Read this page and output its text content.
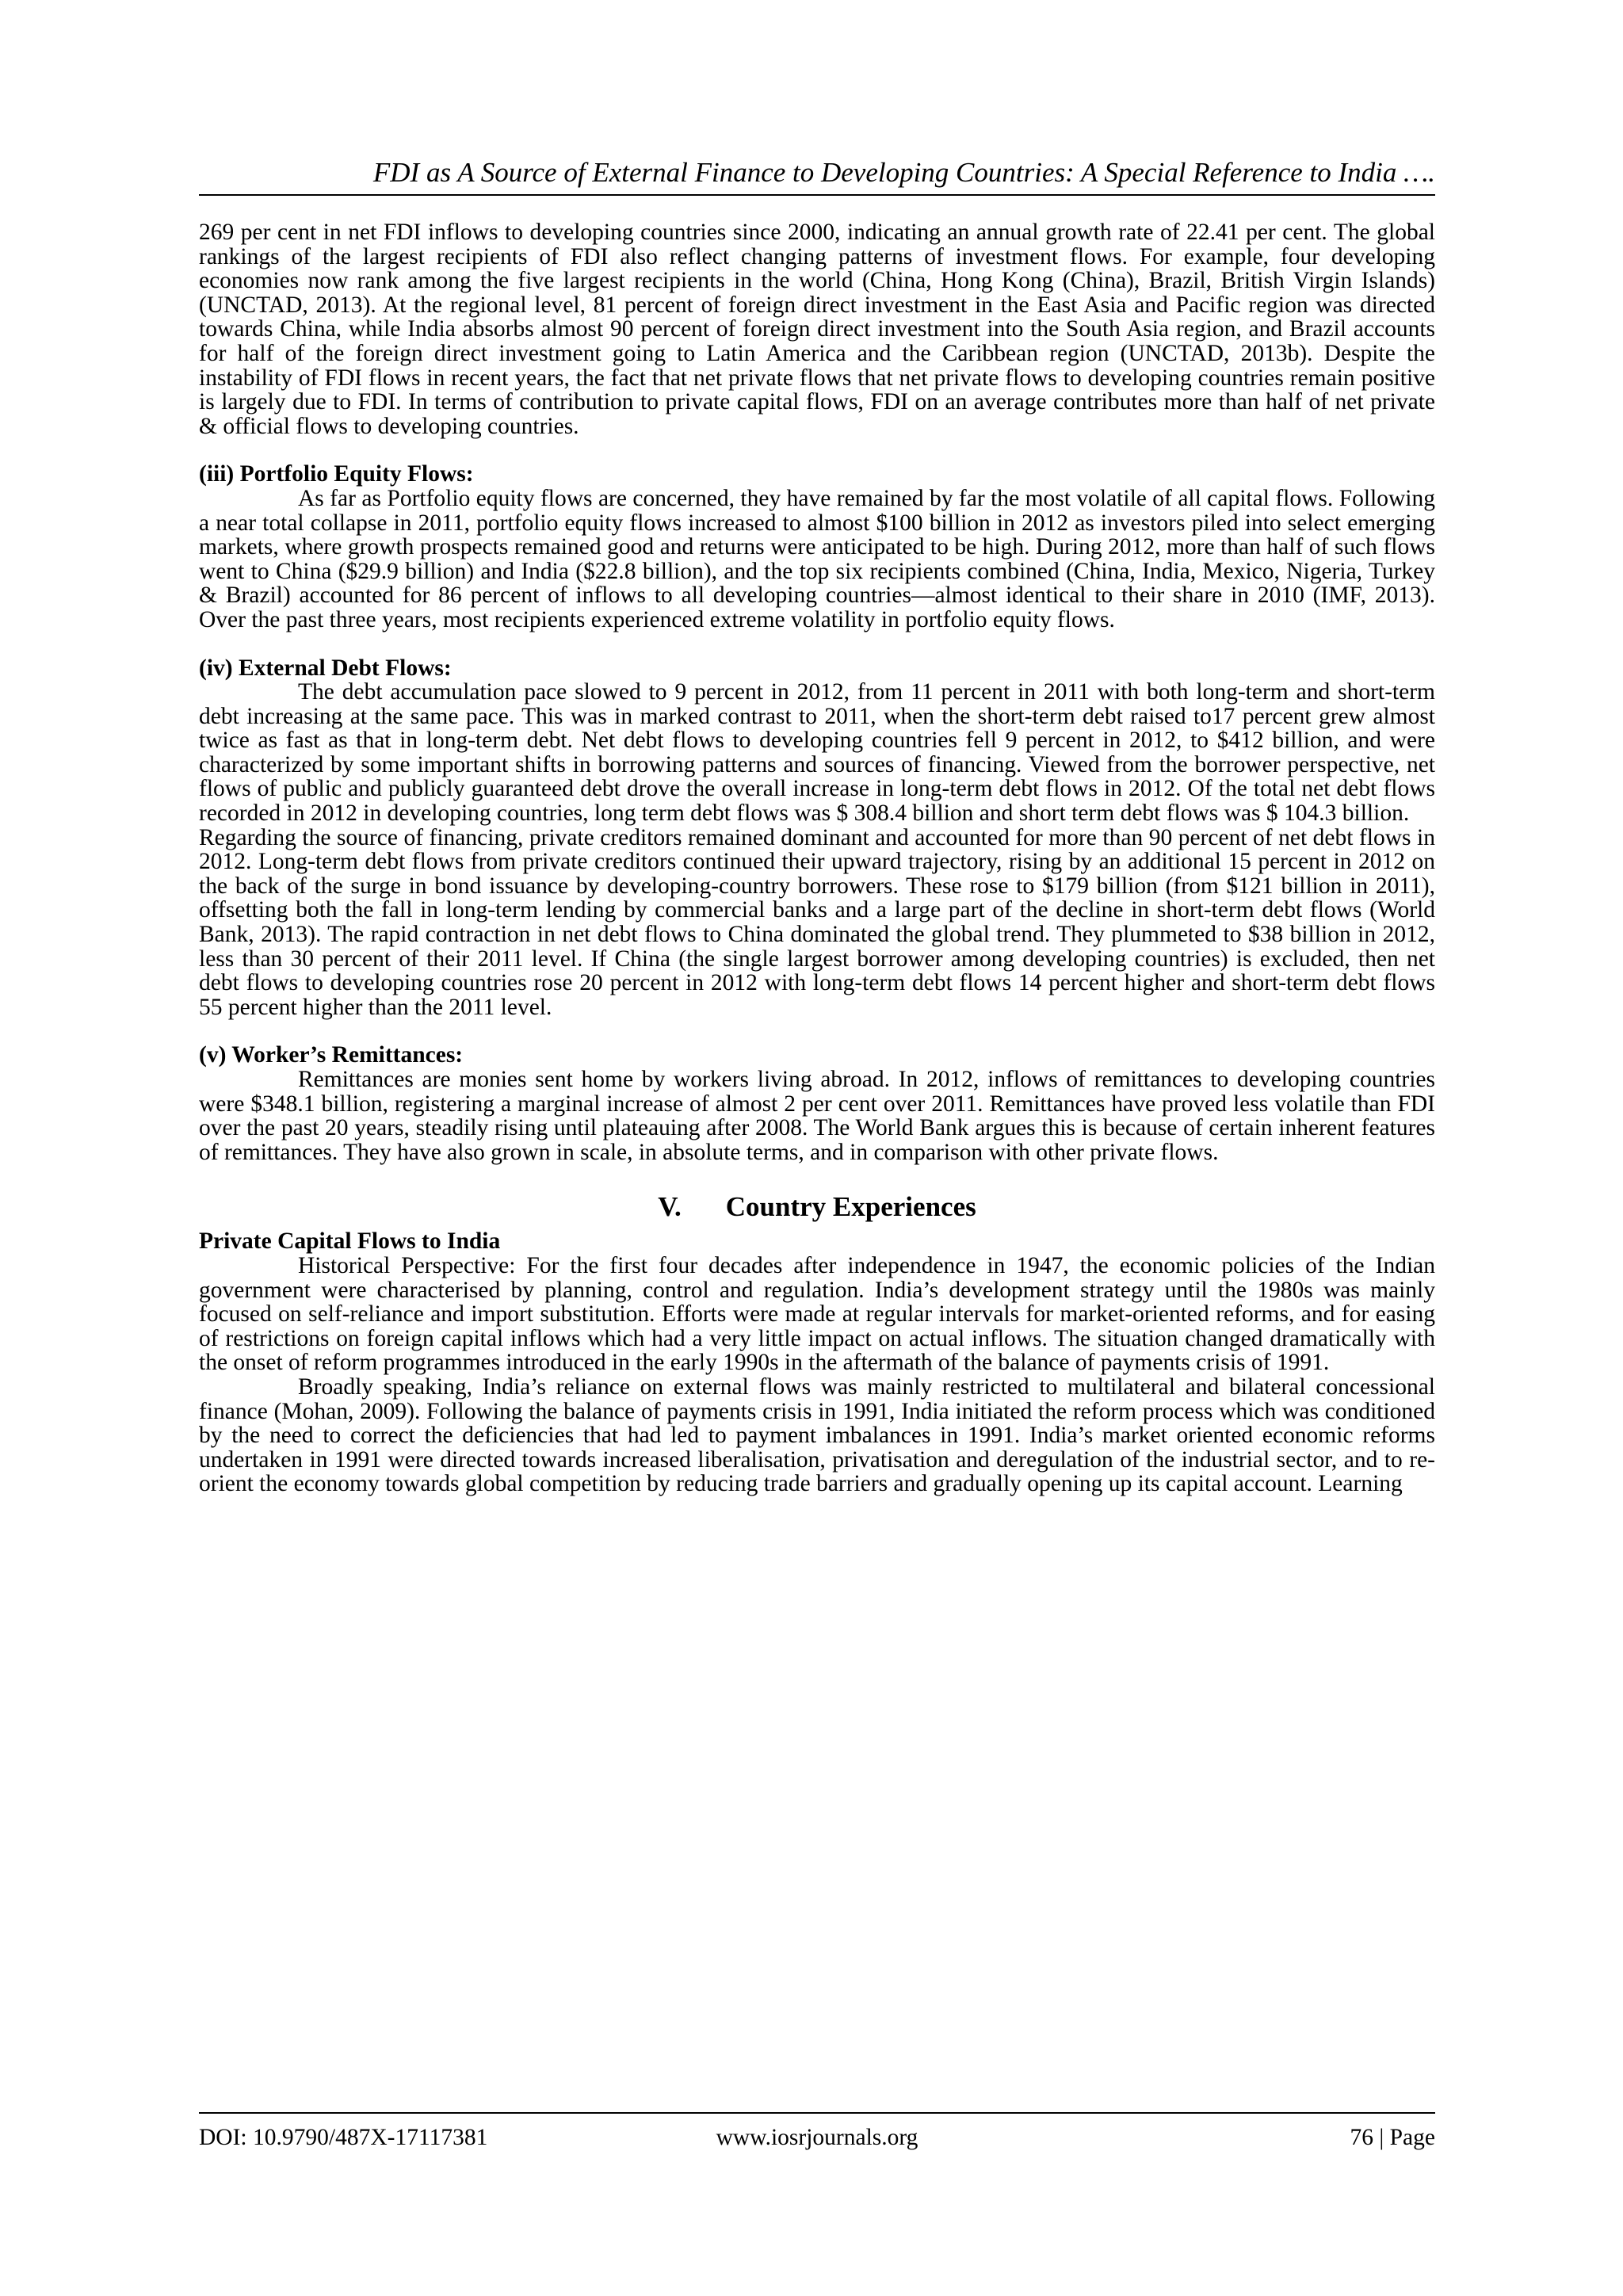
FDI as A Source of External Finance to Developing Countries: A Special Reference to India ….

269 per cent in net FDI inflows to developing countries since 2000, indicating an annual growth rate of 22.41 per cent. The global rankings of the largest recipients of FDI also reflect changing patterns of investment flows. For example, four developing economies now rank among the five largest recipients in the world (China, Hong Kong (China), Brazil, British Virgin Islands) (UNCTAD, 2013). At the regional level, 81 percent of foreign direct investment in the East Asia and Pacific region was directed towards China, while India absorbs almost 90 percent of foreign direct investment into the South Asia region, and Brazil accounts for half of the foreign direct investment going to Latin America and the Caribbean region (UNCTAD, 2013b). Despite the instability of FDI flows in recent years, the fact that net private flows that net private flows to developing countries remain positive is largely due to FDI. In terms of contribution to private capital flows, FDI on an average contributes more than half of net private & official flows to developing countries.

(iii) Portfolio Equity Flows:

As far as Portfolio equity flows are concerned, they have remained by far the most volatile of all capital flows. Following a near total collapse in 2011, portfolio equity flows increased to almost $100 billion in 2012 as investors piled into select emerging markets, where growth prospects remained good and returns were anticipated to be high. During 2012, more than half of such flows went to China ($29.9 billion) and India ($22.8 billion), and the top six recipients combined (China, India, Mexico, Nigeria, Turkey & Brazil) accounted for 86 percent of inflows to all developing countries—almost identical to their share in 2010 (IMF, 2013). Over the past three years, most recipients experienced extreme volatility in portfolio equity flows.

(iv) External Debt Flows:

The debt accumulation pace slowed to 9 percent in 2012, from 11 percent in 2011 with both long-term and short-term debt increasing at the same pace. This was in marked contrast to 2011, when the short-term debt raised to17 percent grew almost twice as fast as that in long-term debt. Net debt flows to developing countries fell 9 percent in 2012, to $412 billion, and were characterized by some important shifts in borrowing patterns and sources of financing. Viewed from the borrower perspective, net flows of public and publicly guaranteed debt drove the overall increase in long-term debt flows in 2012. Of the total net debt flows recorded in 2012 in developing countries, long term debt flows was $ 308.4 billion and short term debt flows was $ 104.3 billion.

Regarding the source of financing, private creditors remained dominant and accounted for more than 90 percent of net debt flows in 2012. Long-term debt flows from private creditors continued their upward trajectory, rising by an additional 15 percent in 2012 on the back of the surge in bond issuance by developing-country borrowers. These rose to $179 billion (from $121 billion in 2011), offsetting both the fall in long-term lending by commercial banks and a large part of the decline in short-term debt flows (World Bank, 2013). The rapid contraction in net debt flows to China dominated the global trend. They plummeted to $38 billion in 2012, less than 30 percent of their 2011 level. If China (the single largest borrower among developing countries) is excluded, then net debt flows to developing countries rose 20 percent in 2012 with long-term debt flows 14 percent higher and short-term debt flows 55 percent higher than the 2011 level.

(v) Worker’s Remittances:

Remittances are monies sent home by workers living abroad. In 2012, inflows of remittances to developing countries were $348.1 billion, registering a marginal increase of almost 2 per cent over 2011. Remittances have proved less volatile than FDI over the past 20 years, steadily rising until plateauing after 2008. The World Bank argues this is because of certain inherent features of remittances. They have also grown in scale, in absolute terms, and in comparison with other private flows.

V. Country Experiences

Private Capital Flows to India

Historical Perspective: For the first four decades after independence in 1947, the economic policies of the Indian government were characterised by planning, control and regulation. India’s development strategy until the 1980s was mainly focused on self-reliance and import substitution. Efforts were made at regular intervals for market-oriented reforms, and for easing of restrictions on foreign capital inflows which had a very little impact on actual inflows. The situation changed dramatically with the onset of reform programmes introduced in the early 1990s in the aftermath of the balance of payments crisis of 1991.

Broadly speaking, India’s reliance on external flows was mainly restricted to multilateral and bilateral concessional finance (Mohan, 2009). Following the balance of payments crisis in 1991, India initiated the reform process which was conditioned by the need to correct the deficiencies that had led to payment imbalances in 1991. India’s market oriented economic reforms undertaken in 1991 were directed towards increased liberalisation, privatisation and deregulation of the industrial sector, and to re-orient the economy towards global competition by reducing trade barriers and gradually opening up its capital account. Learning

DOI: 10.9790/487X-17117381	www.iosrjournals.org	76 | Page
